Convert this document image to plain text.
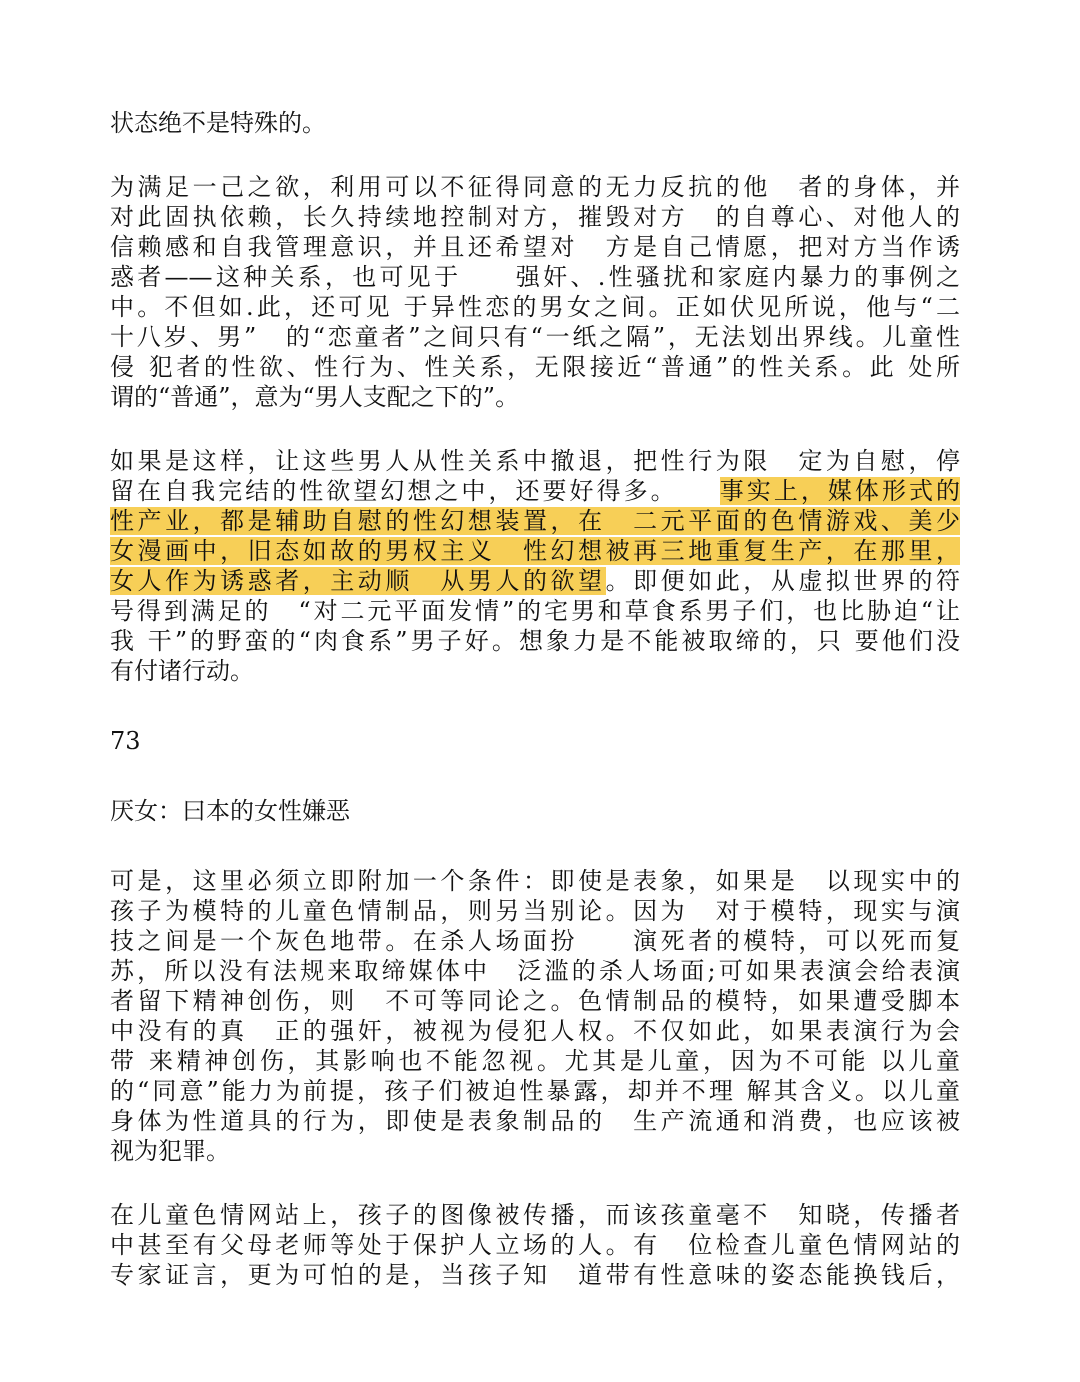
状态绝不是特殊的。
为满足一己之欲，利用可以不征得同意的无力反抗的他　者的身体，并
对此固执依赖，长久持续地控制对方，摧毁对方　的自尊心、对他人的
信赖感和自我管理意识，并且还希望对　方是自己情愿，把对方当作诱
惑者——这种关系，也可见于　　强奸、.性骚扰和家庭内暴力的事例之
中。不但如.此，还可见 于异性恋的男女之间。正如伏见所说，他与“二
十八岁、男”　的“恋童者”之间只有“一纸之隔”，无法划出界线。儿童性
侵 犯者的性欲、性行为、性关系，无限接近“普通”的性关系。此 处所
谓的“普通”，意为“男人支配之下的”。
如果是这样，让这些男人从性关系中撤退，把性行为限　定为自慰，停
留在自我完结的性欲望幻想之中，还要好得多。　　 事实上，媒体形式的
性产业，都是辅助自慰的性幻想装置，在　二元平面的色情游戏、美少
女漫画中，旧态如故的男权主义　性幻想被再三地重复生产，在那里，
女人作为诱惑者，主动顺　从男人的欲望。即便如此，从虚拟世界的符
号得到满足的　“对二元平面发情”的宅男和草食系男子们，也比胁迫“让
我 干”的野蛮的“肉食系”男子好。想象力是不能被取缔的，只 要他们没
有付诸行动。
73
厌女：曰本的女性嫌恶
可是，这里必须立即附加一个条件：即使是表象，如果是　以现实中的
孩子为模特的儿童色情制品，则另当别论。因为　对于模特，现实与演
技之间是一个灰色地带。在杀人场面扮　　演死者的模特，可以死而复
苏，所以没有法规来取缔媒体中　泛滥的杀人场面;可如果表演会给表演
者留下精神创伤，则　不可等同论之。色情制品的模特，如果遭受脚本
中没有的真　正的强奸，被视为侵犯人权。不仅如此，如果表演行为会
带 来精神创伤，其影响也不能忽视。尤其是儿童，因为不可能 以儿童
的“同意”能力为前提，孩子们被迫性暴露，却并不理 解其含义。以儿童
身体为性道具的行为，即使是表象制品的　生产流通和消费，也应该被
视为犯罪。
在儿童色情网站上，孩子的图像被传播，而该孩童毫不　知晓，传播者
中甚至有父母老师等处于保护人立场的人。有　位检查儿童色情网站的
专家证言，更为可怕的是，当孩子知　道带有性意味的姿态能换钱后，
